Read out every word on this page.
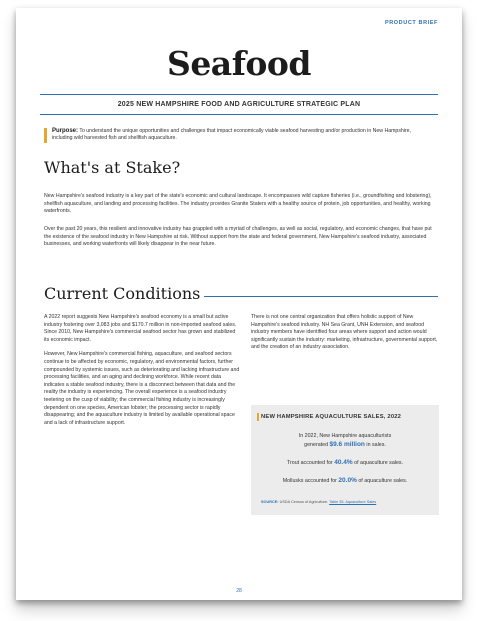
PRODUCT BRIEF
Seafood
2025 NEW HAMPSHIRE FOOD AND AGRICULTURE STRATEGIC PLAN
Purpose: To understand the unique opportunities and challenges that impact economically viable seafood harvesting and/or production in New Hampshire, including wild harvested fish and shellfish aquaculture.
What's at Stake?
New Hampshire's seafood industry is a key part of the state's economic and cultural landscape. It encompasses wild capture fisheries (i.e., groundfishing and lobstering), shellfish aquaculture, and landing and processing facilities. The industry provides Granite Staters with a healthy source of protein, job opportunities, and healthy, working waterfronts.
Over the past 20 years, this resilient and innovative industry has grappled with a myriad of challenges, as well as social, regulatory, and economic changes, that have put the existence of the seafood industry in New Hampshire at risk. Without support from the state and federal government, New Hampshire's seafood industry, associated businesses, and working waterfronts will likely disappear in the near future.
Current Conditions

A 2022 report suggests New Hampshire's seafood economy is a small but active industry fostering over 3,083 jobs and $170.7 million in non-imported seafood sales. Since 2010, New Hampshire's commercial seafood sector has grown and stabilized its economic impact.

However, New Hampshire's commercial fishing, aquaculture, and seafood sectors continue to be affected by economic, regulatory, and environmental factors, further compounded by systemic issues, such as deteriorating and lacking infrastructure and processing facilities, and an aging and declining workforce. While recent data indicates a stable seafood industry, there is a disconnect between that data and the reality the industry is experiencing. The overall experience is a seafood industry teetering on the cusp of viability; the commercial fishing industry is increasingly dependent on one species, American lobster; the processing sector is rapidly disappearing; and the aquaculture industry is limited by available operational space and a lack of infrastructure support.

There is not one central organization that offers holistic support of New Hampshire's seafood industry. NH Sea Grant, UNH Extension, and seafood industry members have identified four areas where support and action would significantly sustain the industry: marketing, infrastructure, governmental support, and the creation of an industry association.

NEW HAMPSHIRE AQUACULTURE SALES, 2022
In 2022, New Hampshire aquaculturists
generated $9.6 million in sales.
Trout accounted for 40.4% of aquaculture sales.
Mollusks accounted for 20.0% of aquaculture sales.
SOURCE: USDA Census of Agriculture. Table 35. Aquaculture Sales
28
